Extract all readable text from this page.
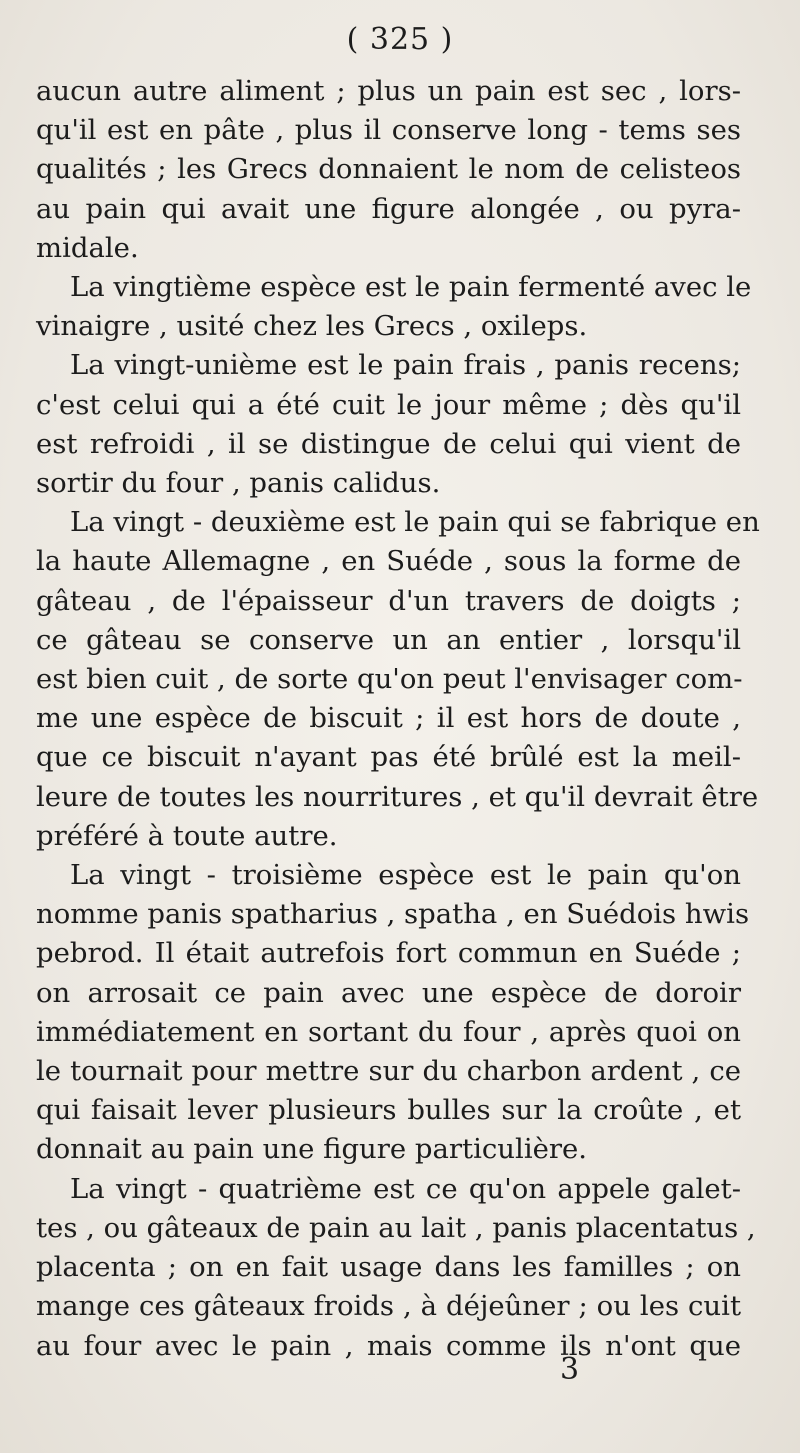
( 325 )
aucun autre aliment ; plus un pain est sec , lors-
qu'il est en pâte , plus il conserve long - tems ses
qualités ; les Grecs donnaient le nom de celisteos
au pain qui avait une figure alongée , ou pyra-
midale.
La vingtième espèce est le pain fermenté avec le
vinaigre , usité chez les Grecs , oxileps.
La vingt-unième est le pain frais , panis recens;
c'est celui qui a été cuit le jour même ; dès qu'il
est refroidi , il se distingue de celui qui vient de
sortir du four , panis calidus.
La vingt - deuxième est le pain qui se fabrique en
la haute Allemagne , en Suéde , sous la forme de
gâteau , de l'épaisseur d'un travers de doigts ;
ce gâteau se conserve un an entier , lorsqu'il
est bien cuit , de sorte qu'on peut l'envisager com-
me une espèce de biscuit ; il est hors de doute ,
que ce biscuit n'ayant pas été brûlé est la meil-
leure de toutes les nourritures , et qu'il devrait être
préféré à toute autre.
La vingt - troisième espèce est le pain qu'on
nomme panis spatharius , spatha , en Suédois hwis
pebrod. Il était autrefois fort commun en Suéde ;
on arrosait ce pain avec une espèce de doroir
immédiatement en sortant du four , après quoi on
le tournait pour mettre sur du charbon ardent , ce
qui faisait lever plusieurs bulles sur la croûte , et
donnait au pain une figure particulière.
La vingt - quatrième est ce qu'on appele galet-
tes , ou gâteaux de pain au lait , panis placentatus ,
placenta ; on en fait usage dans les familles ; on
mange ces gâteaux froids , à déjeûner ; ou les cuit
au four avec le pain , mais comme ils n'ont que
3
